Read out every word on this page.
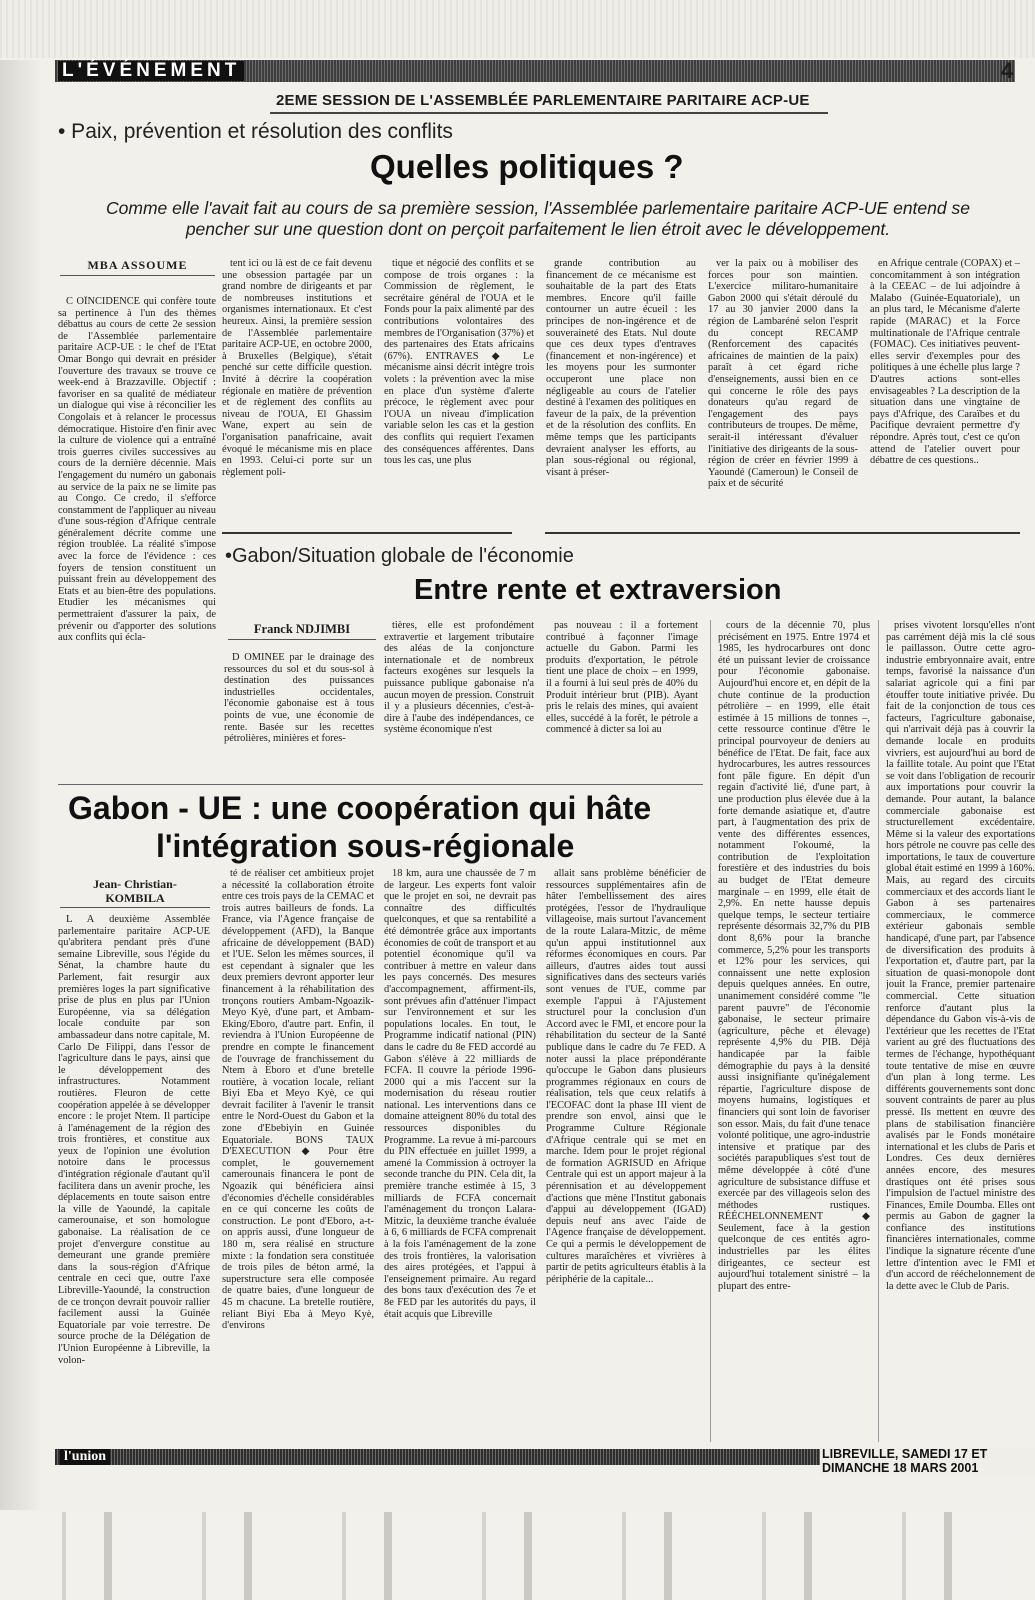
L'ÉVÉNEMENT	4
2EME SESSION DE L'ASSEMBLÉE PARLEMENTAIRE PARITAIRE ACP-UE
• Paix, prévention et résolution des conflits
Quelles politiques ?
Comme elle l'avait fait au cours de sa première session, l'Assemblée parlementaire paritaire ACP-UE entend se pencher sur une question dont on perçoit parfaitement le lien étroit avec le développement.
MBA ASSOUME

C OÏNCIDENCE qui confère toute sa pertinence à l'un des thèmes débattus au cours de cette 2e session de l'Assemblée parlementaire paritaire ACP-UE : le chef de l'Etat Omar Bongo qui devrait en présider l'ouverture des travaux se trouve ce week-end à Brazzaville. Objectif : favoriser en sa qualité de médiateur un dialogue qui vise à réconcilier les Congolais et à relancer le processus démocratique. Histoire d'en finir avec la culture de violence qui a entraîné trois guerres civiles successives au cours de la dernière décennie. Mais l'engagement du numéro un gabonais au service de la paix ne se limite pas au Congo. Ce credo, il s'efforce constamment de l'appliquer au niveau d'une sous-région d'Afrique centrale généralement décrite comme une région troublée. La réalité s'impose avec la force de l'évidence : ces foyers de tension constituent un puissant frein au développement des Etats et au bien-être des populations. Etudier les mécanismes qui permettraient d'assurer la paix, de prévenir ou d'apporter des solutions aux conflits qui écla-

tent ici ou là est de ce fait devenu une obsession partagée par un grand nombre de dirigeants et par de nombreuses institutions et organismes internationaux. Et c'est heureux. Ainsi, la première session de l'Assemblée parlementaire paritaire ACP-UE, en octobre 2000, à Bruxelles (Belgique), s'était penché sur cette difficile question. Invité à décrire la coopération régionale en matière de prévention et de règlement des conflits au niveau de l'OUA, El Ghassim Wane, expert au sein de l'organisation panafricaine, avait évoqué le mécanisme mis en place en 1993. Celui-ci porte sur un règlement poli-

tique et négocié des conflits et se compose de trois organes : la Commission de règlement, le secrétaire général de l'OUA et le Fonds pour la paix alimenté par des contributions volontaires des membres de l'Organisation (37%) et des partenaires des Etats africains (67%). ENTRAVES ◆ Le mécanisme ainsi décrit intègre trois volets : la prévention avec la mise en place d'un système d'alerte précoce, le règlement avec pour l'OUA un niveau d'implication variable selon les cas et la gestion des conflits qui requiert l'examen des conséquences afférentes. Dans tous les cas, une plus

grande contribution au financement de ce mécanisme est souhaitable de la part des Etats membres. Encore qu'il faille contourner un autre écueil : les principes de non-ingérence et de souveraineté des Etats. Nul doute que ces deux types d'entraves (financement et non-ingérence) et les moyens pour les surmonter occuperont une place non négligeable au cours de l'atelier destiné à l'examen des politiques en faveur de la paix, de la prévention et de la résolution des conflits. En même temps que les participants devraient analyser les efforts, au plan sous-régional ou régional, visant à préser-

ver la paix ou à mobiliser des forces pour son maintien. L'exercice militaro-humanitaire Gabon 2000 qui s'était déroulé du 17 au 30 janvier 2000 dans la région de Lambaréné selon l'esprit du concept RECAMP (Renforcement des capacités africaines de maintien de la paix) paraît à cet égard riche d'enseignements, aussi bien en ce qui concerne le rôle des pays donateurs qu'au regard de l'engagement des pays contributeurs de troupes. De même, serait-il intéressant d'évaluer l'initiative des dirigeants de la sous-région de créer en février 1999 à Yaoundé (Cameroun) le Conseil de paix et de sécurité

en Afrique centrale (COPAX) et – concomitamment à son intégration à la CEEAC – de lui adjoindre à Malabo (Guinée-Equatoriale), un an plus tard, le Mécanisme d'alerte rapide (MARAC) et la Force multinationale de l'Afrique centrale (FOMAC). Ces initiatives peuvent-elles servir d'exemples pour des politiques à une échelle plus large ? D'autres actions sont-elles envisageables ? La description de la situation dans une vingtaine de pays d'Afrique, des Caraïbes et du Pacifique devraient permettre d'y répondre. Après tout, c'est ce qu'on attend de l'atelier ouvert pour débattre de ces questions..

•Gabon/Situation globale de l'économie
Entre rente et extraversion
Franck NDJIMBI

D OMINÉE par le drainage des ressources du sol et du sous-sol à destination des puissances industrielles occidentales, l'économie gabonaise est à tous points de vue, une économie de rente. Basée sur les recettes pétrolières, minières et fores-

tières, elle est profondément extravertie et largement tributaire des aléas de la conjoncture internationale et de nombreux facteurs exogènes sur lesquels la puissance publique gabonaise n'a aucun moyen de pression. Construit il y a plusieurs décennies, c'est-à-dire à l'aube des indépendances, ce système économique n'est

pas nouveau : il a fortement contribué à façonner l'image actuelle du Gabon. Parmi les produits d'exportation, le pétrole tient une place de choix – en 1999, il a fourni à lui seul près de 40% du Produit intérieur brut (PIB). Ayant pris le relais des mines, qui avaient elles, succédé à la forêt, le pétrole a commencé à dicter sa loi au

cours de la décennie 70, plus précisément en 1975. Entre 1974 et 1985, les hydrocarbures ont donc été un puissant levier de croissance pour l'économie gabonaise. Aujourd'hui encore et, en dépit de la chute continue de la production pétrolière – en 1999, elle était estimée à 15 millions de tonnes –, cette ressource continue d'être le principal pourvoyeur de deniers au bénéfice de l'Etat. De fait, face aux hydrocarbures, les autres ressources font pâle figure. En dépit d'un regain d'activité lié, d'une part, à une production plus élevée due à la forte demande asiatique et, d'autre part, à l'augmentation des prix de vente des différentes essences, notamment l'okoumé, la contribution de l'exploitation forestière et des industries du bois au budget de l'Etat demeure marginale – en 1999, elle était de 2,9%. En nette hausse depuis quelque temps, le secteur tertiaire représente désormais 32,7% du PIB dont 8,6% pour la branche commerce, 5,2% pour les transports et 12% pour les services, qui connaissent une nette explosion depuis quelques années. En outre, unanimement considéré comme "le parent pauvre" de l'économie gabonaise, le secteur primaire (agriculture, pêche et élevage) représente 4,9% du PIB. Déjà handicapée par la faible démographie du pays à la densité aussi insignifiante qu'inégalement répartie, l'agriculture dispose de moyens humains, logistiques et financiers qui sont loin de favoriser son essor. Mais, du fait d'une tenace volonté politique, une agro-industrie intensive et pratique par des sociétés parapubliques s'est tout de même développée à côté d'une agriculture de subsistance diffuse et exercée par des villageois selon des méthodes rustiques. RÉÉCHELONNEMENT ◆ Seulement, face à la gestion quelconque de ces entités agro-industrielles par les élites dirigeantes, ce secteur est aujourd'hui totalement sinistré – la plupart des entre-

prises vivotent lorsqu'elles n'ont pas carrément déjà mis la clé sous le paillasson. Outre cette agro-industrie embryonnaire avait, entre temps, favorisé la naissance d'un salariat agricole qui a fini par étouffer toute initiative privée. Du fait de la conjonction de tous ces facteurs, l'agriculture gabonaise, qui n'arrivait déjà pas à couvrir la demande locale en produits vivriers, est aujourd'hui au bord de la faillite totale. Au point que l'Etat se voit dans l'obligation de recourir aux importations pour couvrir la demande. Pour autant, la balance commerciale gabonaise est structurellement excédentaire. Même si la valeur des exportations hors pétrole ne couvre pas celle des importations, le taux de couverture global était estimé en 1999 à 160%. Mais, au regard des circuits commerciaux et des accords liant le Gabon à ses partenaires commerciaux, le commerce extérieur gabonais semble handicapé, d'une part, par l'absence de diversification des produits à l'exportation et, d'autre part, par la situation de quasi-monopole dont jouit la France, premier partenaire commercial. Cette situation renforce d'autant plus la dépendance du Gabon vis-à-vis de l'extérieur que les recettes de l'Etat varient au gré des fluctuations des termes de l'échange, hypothéquant toute tentative de mise en œuvre d'un plan à long terme. Les différents gouvernements sont donc souvent contraints de parer au plus pressé. Ils mettent en œuvre des plans de stabilisation financière avalisés par le Fonds monétaire international et les clubs de Paris et Londres. Ces deux dernières années encore, des mesures drastiques ont été prises sous l'impulsion de l'actuel ministre des Finances, Emile Doumba. Elles ont permis au Gabon de gagner la confiance des institutions financières internationales, comme l'indique la signature récente d'une lettre d'intention avec le FMI et d'un accord de rééchelonnement de la dette avec le Club de Paris.

Gabon - UE : une coopération qui hâte
l'intégration sous-régionale
Jean- Christian-
KOMBILA

L A deuxième Assemblée parlementaire paritaire ACP-UE qu'abritera pendant près d'une semaine Libreville, sous l'égide du Sénat, la chambre haute du Parlement, fait resurgir aux premières loges la part significative prise de plus en plus par l'Union Européenne, via sa délégation locale conduite par son ambassadeur dans notre capitale, M. Carlo De Filippi, dans l'essor de l'agriculture dans le pays, ainsi que le développement des infrastructures. Notamment routières. Fleuron de cette coopération appelée à se développer encore : le projet Ntem. Il participe à l'aménagement de la région des trois frontières, et constitue aux yeux de l'opinion une évolution notoire dans le processus d'intégration régionale d'autant qu'il facilitera dans un avenir proche, les déplacements en toute saison entre la ville de Yaoundé, la capitale camerounaise, et son homologue gabonaise. La réalisation de ce projet d'envergure constitue au demeurant une grande première dans la sous-région d'Afrique centrale en ceci que, outre l'axe Libreville-Yaoundé, la construction de ce tronçon devrait pouvoir rallier facilement aussi la Guinée Equatoriale par voie terrestre. De source proche de la Délégation de l'Union Européenne à Libreville, la volon-

té de réaliser cet ambitieux projet a nécessité la collaboration étroite entre ces trois pays de la CEMAC et trois autres bailleurs de fonds. La France, via l'Agence française de développement (AFD), la Banque africaine de développement (BAD) et l'UE. Selon les mêmes sources, il est cependant à signaler que les deux premiers devront apporter leur financement à la réhabilitation des tronçons routiers Ambam-Ngoazik-Meyo Kyè, d'une part, et Ambam-Eking/Eboro, d'autre part. Enfin, il reviendra à l'Union Européenne de prendre en compte le financement de l'ouvrage de franchissement du Ntem à Eboro et d'une bretelle routière, à vocation locale, reliant Biyi Eba et Meyo Kyè, ce qui devrait faciliter à l'avenir le transit entre le Nord-Ouest du Gabon et la zone d'Ebebiyin en Guinée Equatoriale. BONS TAUX D'EXECUTION ◆ Pour être complet, le gouvernement camerounais financera le pont de Ngoazik qui bénéficiera ainsi d'économies d'échelle considérables en ce qui concerne les coûts de construction. Le pont d'Eboro, a-t-on appris aussi, d'une longueur de 180 m, sera réalisé en structure mixte : la fondation sera constituée de trois piles de béton armé, la superstructure sera elle composée de quatre baies, d'une longueur de 45 m chacune. La bretelle routière, reliant Biyi Eba à Meyo Kyè, d'environs

18 km, aura une chaussée de 7 m de largeur. Les experts font valoir que le projet en soi, ne devrait pas connaître des difficultés quelconques, et que sa rentabilité a été démontrée grâce aux importants économies de coût de transport et au potentiel économique qu'il va contribuer à mettre en valeur dans les pays concernés. Des mesures d'accompagnement, affirment-ils, sont prévues afin d'atténuer l'impact sur l'environnement et sur les populations locales. En tout, le Programme indicatif national (PIN) dans le cadre du 8e FED accordé au Gabon s'élève à 22 milliards de FCFA. Il couvre la période 1996-2000 qui a mis l'accent sur la modernisation du réseau routier national. Les interventions dans ce domaine atteignent 80% du total des ressources disponibles du Programme. La revue à mi-parcours du PIN effectuée en juillet 1999, a amené la Commission à octroyer la seconde tranche du PIN. Cela dit, la première tranche estimée à 15, 3 milliards de FCFA concernait l'aménagement du tronçon Lalara-Mitzic, la deuxième tranche évaluée à 6, 6 milliards de FCFA comprenait à la fois l'aménagement de la zone des trois frontières, la valorisation des aires protégées, et l'appui à l'enseignement primaire. Au regard des bons taux d'exécution des 7e et 8e FED par les autorités du pays, il était acquis que Libreville

allait sans problème bénéficier de ressources supplémentaires afin de hâter l'embellissement des aires protégées, l'essor de l'hydraulique villageoise, mais surtout l'avancement de la route Lalara-Mitzic, de même qu'un appui institutionnel aux réformes économiques en cours. Par ailleurs, d'autres aides tout aussi significatives dans des secteurs variés sont venues de l'UE, comme par exemple l'appui à l'Ajustement structurel pour la conclusion d'un Accord avec le FMI, et encore pour la réhabilitation du secteur de la Santé publique dans le cadre du 7e FED. A noter aussi la place prépondérante qu'occupe le Gabon dans plusieurs programmes régionaux en cours de réalisation, tels que ceux relatifs à l'ECOFAC dont la phase III vient de prendre son envol, ainsi que le Programme Culture Régionale d'Afrique centrale qui se met en marche. Idem pour le projet régional de formation AGRISUD en Afrique Centrale qui est un apport majeur à la pérennisation et au développement d'actions que mène l'Institut gabonais d'appui au développement (IGAD) depuis neuf ans avec l'aide de l'Agence française de développement. Ce qui a permis le développement de cultures maraîchères et vivrières à partir de petits agriculteurs établis à la périphérie de la capitale...

l'union	LIBREVILLE, SAMEDI 17 ET DIMANCHE 18 MARS 2001
